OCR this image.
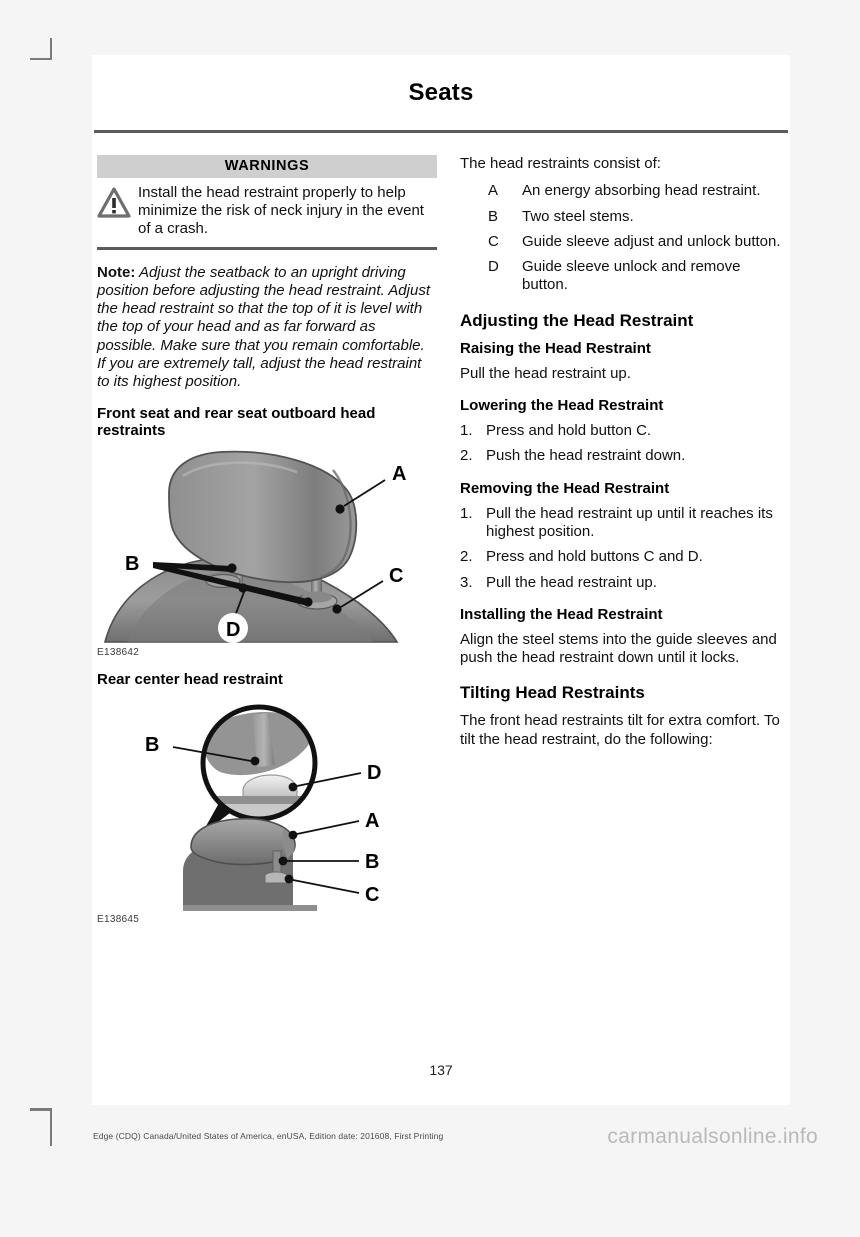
Seats
WARNINGS
Install the head restraint properly to help minimize the risk of neck injury in the event of a crash.
Note: Adjust the seatback to an upright driving position before adjusting the head restraint. Adjust the head restraint so that the top of it is level with the top of your head and as far forward as possible. Make sure that you remain comfortable. If you are extremely tall, adjust the head restraint to its highest position.
Front seat and rear seat outboard head restraints
A
B
C
D
E138642
Rear center head restraint
B
D
A
B
C
E138645
The head restraints consist of:
A	An energy absorbing head restraint.
B	Two steel stems.
C	Guide sleeve adjust and unlock button.
D	Guide sleeve unlock and remove button.
Adjusting the Head Restraint
Raising the Head Restraint
Pull the head restraint up.
Lowering the Head Restraint
1. Press and hold button C.
2. Push the head restraint down.
Removing the Head Restraint
1. Pull the head restraint up until it reaches its highest position.
2. Press and hold buttons C and D.
3. Pull the head restraint up.
Installing the Head Restraint
Align the steel stems into the guide sleeves and push the head restraint down until it locks.
Tilting Head Restraints
The front head restraints tilt for extra comfort. To tilt the head restraint, do the following:
137
Edge (CDQ) Canada/United States of America, enUSA, Edition date: 201608, First Printing	carmanualsonline.info
